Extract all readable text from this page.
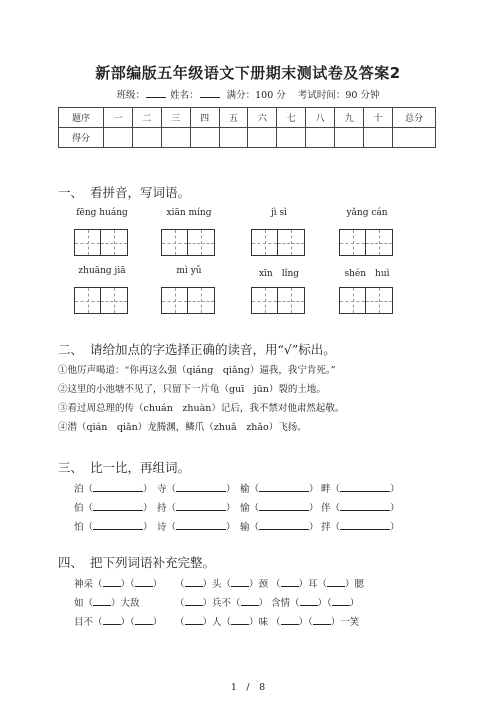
新部编版五年级语文下册期末测试卷及答案2
班级：	姓名：	满分：100 分 考试时间：90 分钟
题序	一	二	三	四	五	六	七	八	九	十	总分
得分											
一、 看拼音，写词语。
fēng huáng	xiān míng	jì sì	yǎng cán
zhuāng jiā	mì yǔ	xīn　lǐng	shén　huì
二、 请给加点的字选择正确的读音，用“√”标出。
①他厉声喝道：“你再这么强（qiáng　qiǎng）逼我，我宁肯死。”
②这里的小池塘不见了，只留下一片龟（guī　jūn）裂的土地。
③看过周总理的传（chuán　zhuàn）记后，我不禁对他肃然起敬。
④潜（qián　qiǎn）龙腾渊，鳞爪（zhuǎ　zhǎo）飞扬。
三、 比一比，再组词。
泊（	） 寺（	） 榆（	） 畔（	）
伯（	） 持（	） 愉（	） 伴（	）
怕（	） 诗（	） 输（	） 拌（	）
四、 把下列词语补充完整。
神采（ ）（ ） （ ）头（ ）颈 （ ）耳（ ）腮
如（ ）大敌	（ ）兵不（ ） 含情（ ）（ ）
目不（ ）（ ） （ ）人（ ）味 （ ）（ ）一笑
1　/　8
